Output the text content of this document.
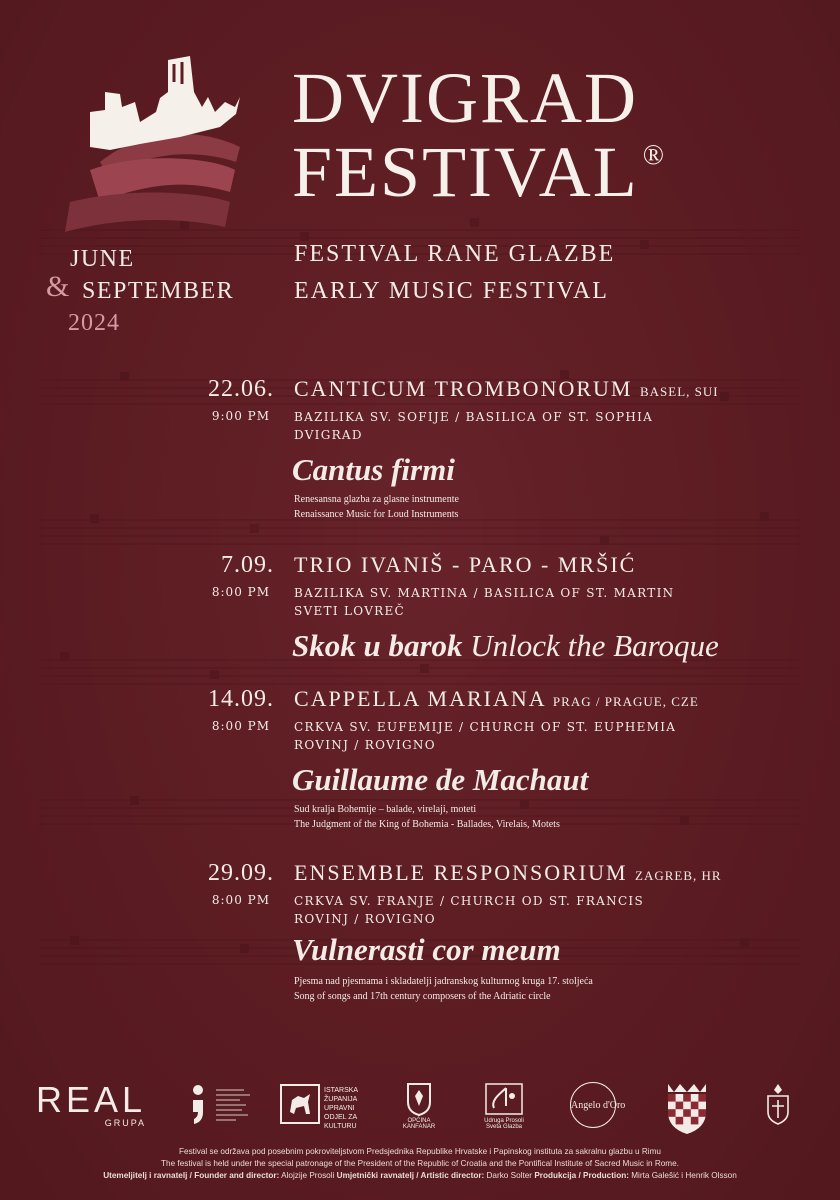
DVIGRAD
FESTIVAL ®
FESTIVAL RANE GLAZBE
EARLY MUSIC FESTIVAL
JUNE
& SEPTEMBER
2024
22.06.
9:00 PM
CANTICUM TROMBONORUM BASEL, SUI
BAZILIKA SV. SOFIJE / BASILICA OF ST. SOPHIA
DVIGRAD
Cantus firmi
Renesansna glazba za glasne instrumente
Renaissance Music for Loud Instruments
7.09.
8:00 PM
TRIO IVANIŠ - PARO - MRŠIĆ
BAZILIKA SV. MARTINA / BASILICA OF ST. MARTIN
SVETI LOVREČ
Skok u barok Unlock the Baroque
14.09.
8:00 PM
CAPPELLA MARIANA PRAG / PRAGUE, CZE
CRKVA SV. EUFEMIJE / CHURCH OF ST. EUPHEMIA
ROVINJ / ROVIGNO
Guillaume de Machaut
Sud kralja Bohemije – balade, virelaji, moteti
The Judgment of the King of Bohemia - Ballades, Virelais, Motets
29.09.
8:00 PM
ENSEMBLE RESPONSORIUM ZAGREB, HR
CRKVA SV. FRANJE / CHURCH OD ST. FRANCIS
ROVINJ / ROVIGNO
Vulnerasti cor meum
Pjesma nad pjesmama i skladatelji jadranskog kulturnog kruga 17. stoljeća
Song of songs and 17th century composers of the Adriatic circle
REAL
GRUPA
ISTARSKA ŽUPANIJA UPRAVNI ODJEL ZA KULTURU
OPĆINA KANFANAR
Udruga Prosoli Sveta Glazba
Angelo d'Oro
Festival se održava pod posebnim pokroviteljstvom Predsjednika Republike Hrvatske i Papinskog instituta za sakralnu glazbu u Rimu
The festival is held under the special patronage of the President of the Republic of Croatia and the Pontifical Institute of Sacred Music in Rome.
Utemeljitelj i ravnatelj / Founder and director: Alojzije Prosoli Umjetnički ravnatelj / Artistic director: Darko Solter Produkcija / Production: Mirta Galešić i Henrik Olsson
